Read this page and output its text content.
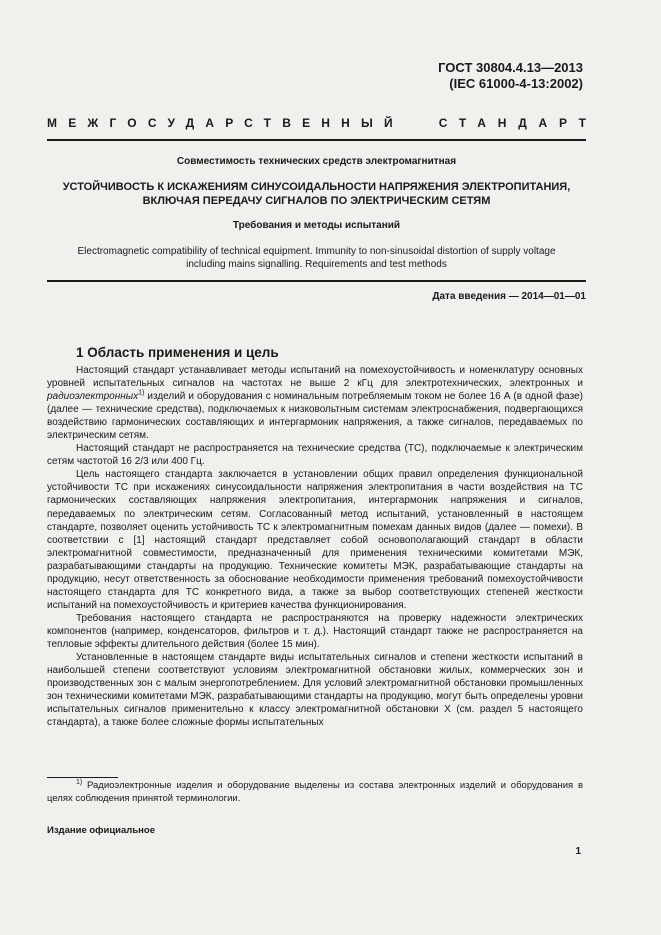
ГОСТ 30804.4.13—2013
(IEC 61000-4-13:2002)
МЕЖГОСУДАРСТВЕННЫЙ	СТАНДАРТ
Совместимость технических средств электромагнитная
УСТОЙЧИВОСТЬ К ИСКАЖЕНИЯМ СИНУСОИДАЛЬНОСТИ НАПРЯЖЕНИЯ ЭЛЕКТРОПИТАНИЯ,
ВКЛЮЧАЯ ПЕРЕДАЧУ СИГНАЛОВ ПО ЭЛЕКТРИЧЕСКИМ СЕТЯМ
Требования и методы испытаний
Electromagnetic compatibility of technical equipment. Immunity to non-sinusoidal distortion of supply voltage
including mains signalling. Requirements and test methods
Дата введения — 2014—01—01
1 Область применения и цель

Настоящий стандарт устанавливает методы испытаний на помехоустойчивость и номенклатуру основных уровней испытательных сигналов на частотах не выше 2 кГц для электротехнических, электронных и радиоэлектронных$^{1)}$ изделий и оборудования с номинальным потребляемым током не более 16 А (в одной фазе) (далее — технические средства), подключаемых к низковольтным системам электроснабжения, подвергающихся воздействию гармонических составляющих и интергармоник напряжения, а также сигналов, передаваемых по электрическим сетям.

Настоящий стандарт не распространяется на технические средства (ТС), подключаемые к электрическим сетям частотой 16 2/3 или 400 Гц.

Цель настоящего стандарта заключается в установлении общих правил определения функциональной устойчивости ТС при искажениях синусоидальности напряжения электропитания в части воздействия на ТС гармонических составляющих напряжения электропитания, интергармоник напряжения и сигналов, передаваемых по электрическим сетям. Согласованный метод испытаний, установленный в настоящем стандарте, позволяет оценить устойчивость ТС к электромагнитным помехам данных видов (далее — помехи). В соответствии с [1] настоящий стандарт представляет собой основополагающий стандарт в области электромагнитной совместимости, предназначенный для применения техническими комитетами МЭК, разрабатывающими стандарты на продукцию. Технические комитеты МЭК, разрабатывающие стандарты на продукцию, несут ответственность за обоснование необходимости применения требований помехоустойчивости настоящего стандарта для ТС конкретного вида, а также за выбор соответствующих степеней жесткости испытаний на помехоустойчивость и критериев качества функционирования.

Требования настоящего стандарта не распространяются на проверку надежности электрических компонентов (например, конденсаторов, фильтров и т. д.). Настоящий стандарт также не распространяется на тепловые эффекты длительного действия (более 15 мин).

Установленные в настоящем стандарте виды испытательных сигналов и степени жесткости испытаний в наибольшей степени соответствуют условиям электромагнитной обстановки жилых, коммерческих зон и производственных зон с малым энергопотреблением. Для условий электромагнитной обстановки промышленных зон техническими комитетами МЭК, разрабатывающими стандарты на продукцию, могут быть определены уровни испытательных сигналов применительно к классу электромагнитной обстановки Х (см. раздел 5 настоящего стандарта), а также более сложные формы испытательных

$^{1)}$ Радиоэлектронные изделия и оборудование выделены из состава электронных изделий и оборудования в целях соблюдения принятой терминологии.

Издание официальное
1
